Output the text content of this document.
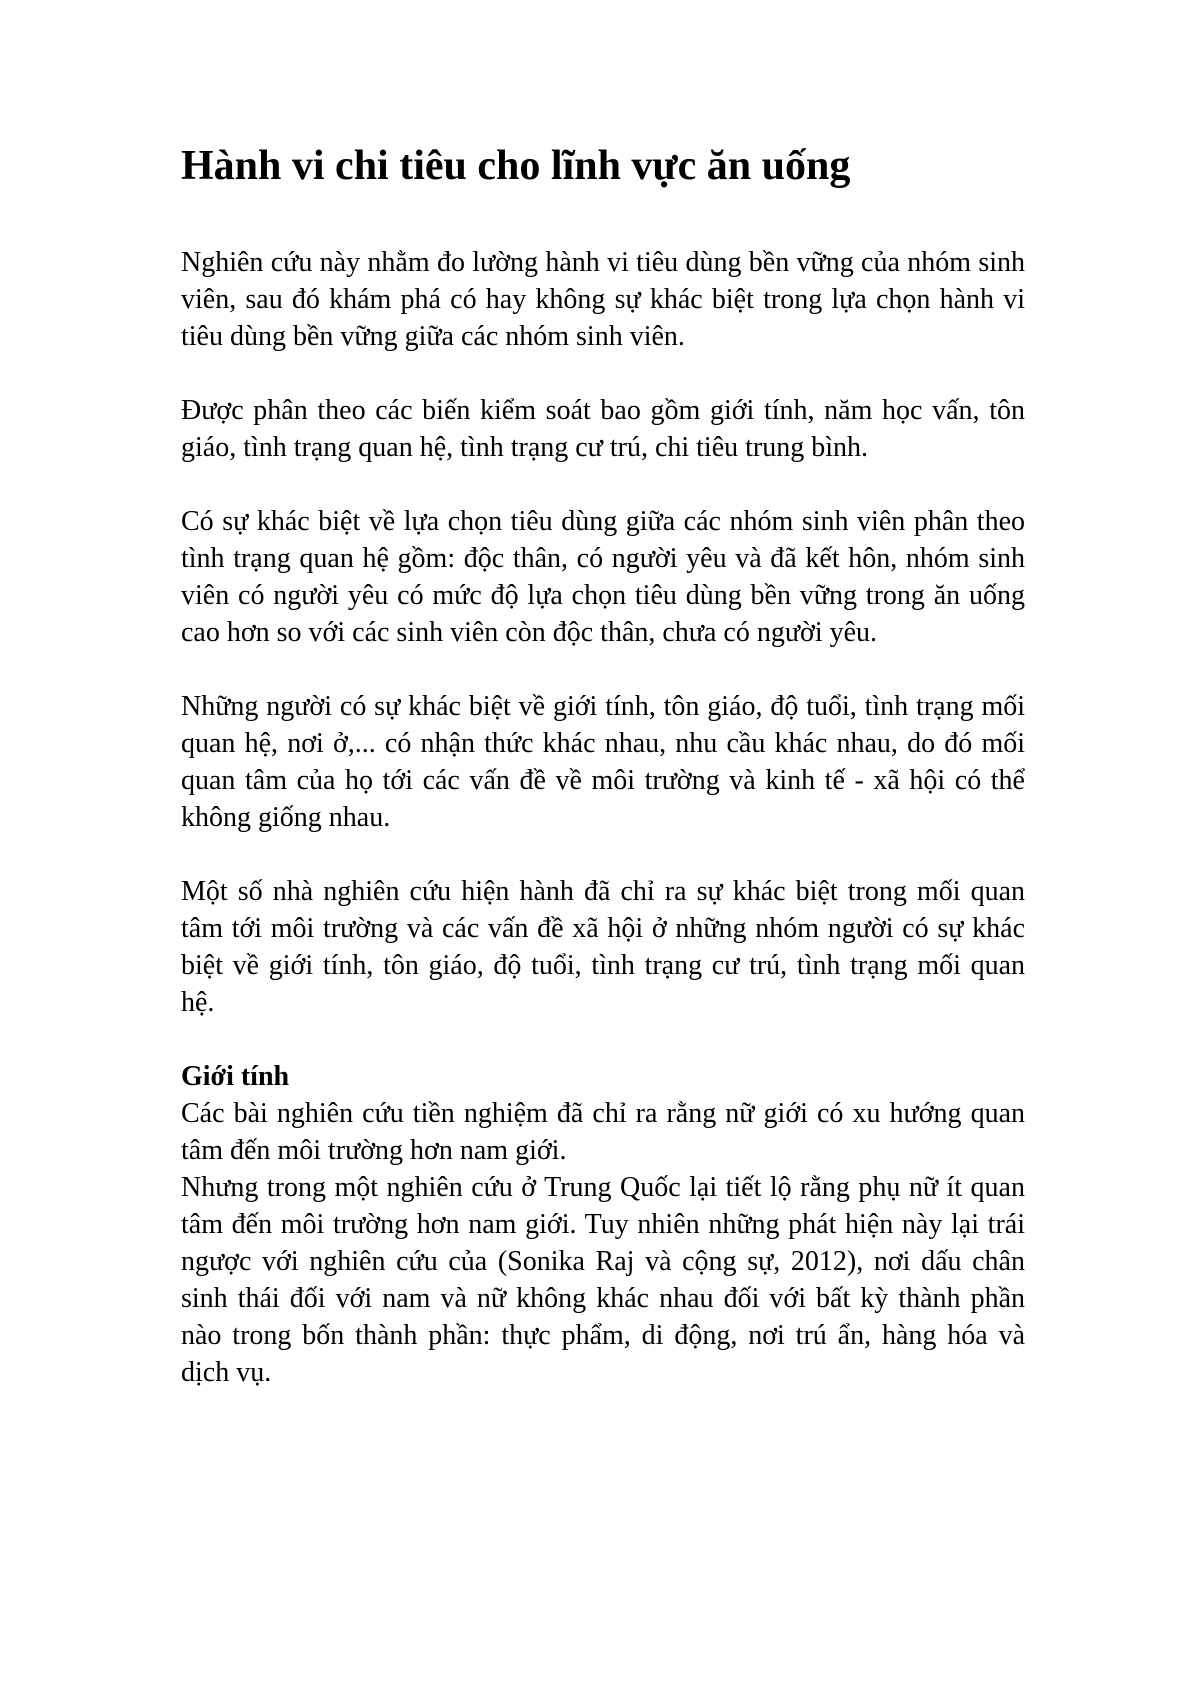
Hành vi chi tiêu cho lĩnh vực ăn uống

Nghiên cứu này nhằm đo lường hành vi tiêu dùng bền vững của nhóm sinh viên, sau đó khám phá có hay không sự khác biệt trong lựa chọn hành vi tiêu dùng bền vững giữa các nhóm sinh viên.

Được phân theo các biến kiểm soát bao gồm giới tính, năm học vấn, tôn giáo, tình trạng quan hệ, tình trạng cư trú, chi tiêu trung bình.

Có sự khác biệt về lựa chọn tiêu dùng giữa các nhóm sinh viên phân theo tình trạng quan hệ gồm: độc thân, có người yêu và đã kết hôn, nhóm sinh viên có người yêu có mức độ lựa chọn tiêu dùng bền vững trong ăn uống cao hơn so với các sinh viên còn độc thân, chưa có người yêu.

Những người có sự khác biệt về giới tính, tôn giáo, độ tuổi, tình trạng mối quan hệ, nơi ở,... có nhận thức khác nhau, nhu cầu khác nhau, do đó mối quan tâm của họ tới các vấn đề về môi trường và kinh tế - xã hội có thể không giống nhau.

Một số nhà nghiên cứu hiện hành đã chỉ ra sự khác biệt trong mối quan tâm tới môi trường và các vấn đề xã hội ở những nhóm người có sự khác biệt về giới tính, tôn giáo, độ tuổi, tình trạng cư trú, tình trạng mối quan hệ.

Giới tính

Các bài nghiên cứu tiền nghiệm đã chỉ ra rằng nữ giới có xu hướng quan tâm đến môi trường hơn nam giới.

Nhưng trong một nghiên cứu ở Trung Quốc lại tiết lộ rằng phụ nữ ít quan tâm đến môi trường hơn nam giới. Tuy nhiên những phát hiện này lại trái ngược với nghiên cứu của (Sonika Raj và cộng sự, 2012), nơi dấu chân sinh thái đối với nam và nữ không khác nhau đối với bất kỳ thành phần nào trong bốn thành phần: thực phẩm, di động, nơi trú ẩn, hàng hóa và dịch vụ.
